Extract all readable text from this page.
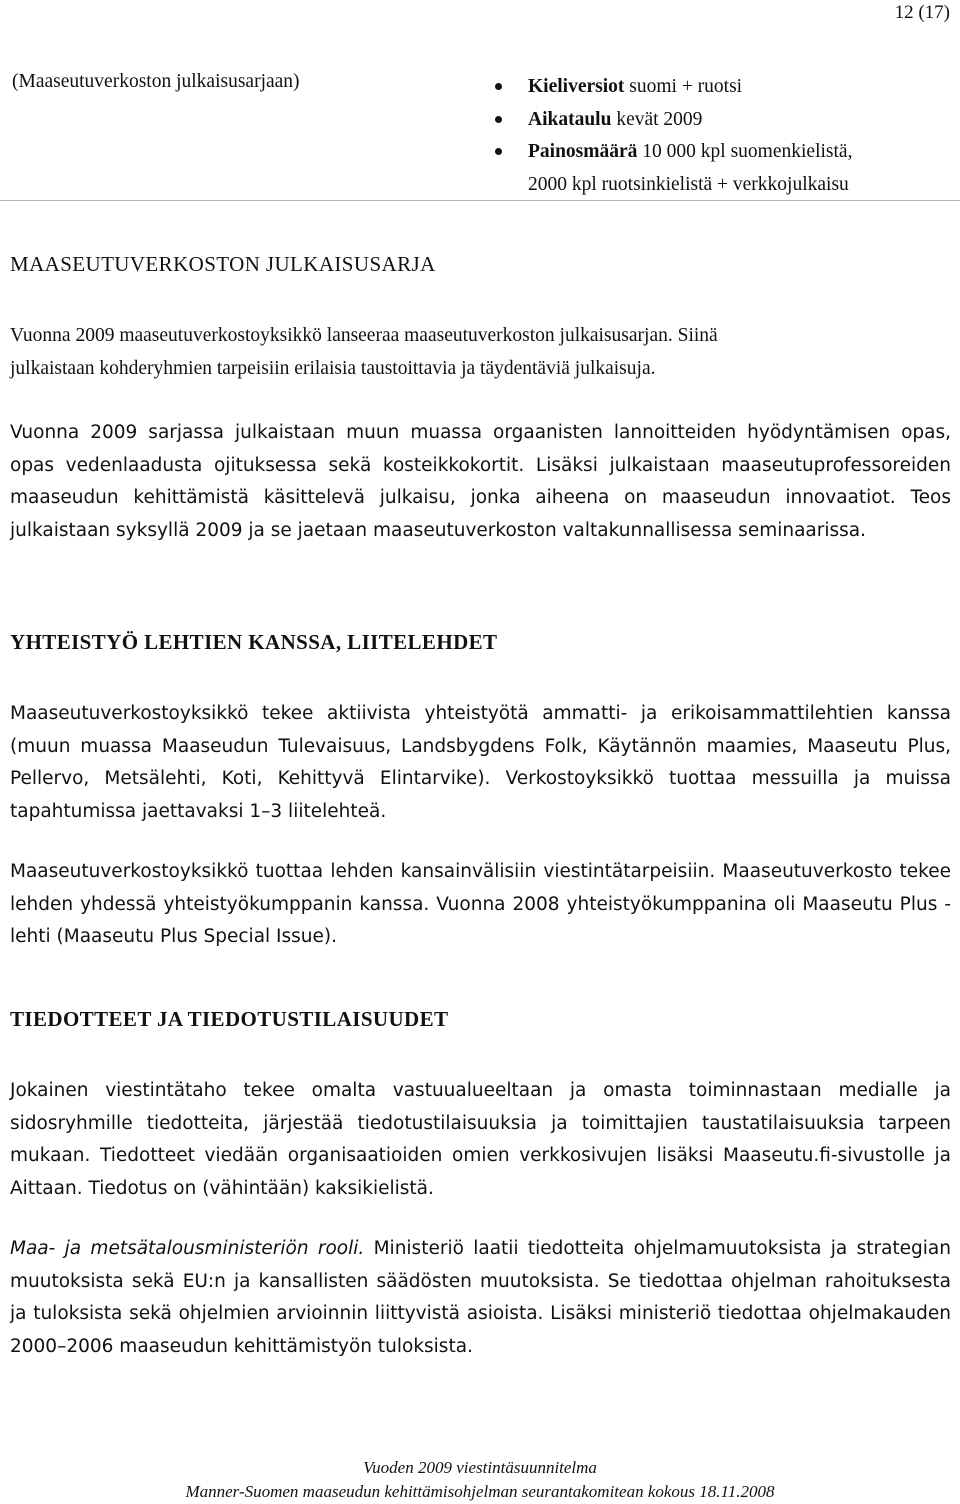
12 (17)
(Maaseutuverkoston julkaisusarjaan)	Kieliversiot suomi + ruotsi
Aikataulu kevät 2009
Painosmäärä 10 000 kpl suomenkielistä,
2000 kpl ruotsinkielistä + verkkojulkaisu
MAASEUTUVERKOSTON JULKAISUSARJA
Vuonna 2009 maaseutuverkostoyksikkö lanseeraa maaseutuverkoston julkaisusarjan. Siinä
julkaistaan kohderyhmien tarpeisiin erilaisia taustoittavia ja täydentäviä julkaisuja.

Vuonna 2009 sarjassa julkaistaan muun muassa orgaanisten lannoitteiden hyödyntämisen opas, opas vedenlaadusta ojituksessa sekä kosteikkokortit. Lisäksi julkaistaan maaseutuprofessoreiden maaseudun kehittämistä käsittelevä julkaisu, jonka aiheena on maaseudun innovaatiot. Teos julkaistaan syksyllä 2009 ja se jaetaan maaseutuverkoston valtakunnallisessa seminaarissa.

YHTEISTYÖ LEHTIEN KANSSA, LIITELEHDET

Maaseutuverkostoyksikkö tekee aktiivista yhteistyötä ammatti- ja erikoisammattilehtien kanssa (muun muassa Maaseudun Tulevaisuus, Landsbygdens Folk, Käytännön maamies, Maaseutu Plus, Pellervo, Metsälehti, Koti, Kehittyvä Elintarvike). Verkostoyksikkö tuottaa messuilla ja muissa tapahtumissa jaettavaksi 1–3 liitelehteä.

Maaseutuverkostoyksikkö tuottaa lehden kansainvälisiin viestintätarpeisiin. Maaseutuverkosto tekee lehden yhdessä yhteistyökumppanin kanssa. Vuonna 2008 yhteistyökumppanina oli Maaseutu Plus -lehti (Maaseutu Plus Special Issue).

TIEDOTTEET JA TIEDOTUSTILAISUUDET

Jokainen viestintätaho tekee omalta vastuualueeltaan ja omasta toiminnastaan medialle ja sidosryhmille tiedotteita, järjestää tiedotustilaisuuksia ja toimittajien taustatilaisuuksia tarpeen mukaan. Tiedotteet viedään organisaatioiden omien verkkosivujen lisäksi Maaseutu.fi-sivustolle ja Aittaan. Tiedotus on (vähintään) kaksikielistä.

Maa- ja metsätalousministeriön rooli. Ministeriö laatii tiedotteita ohjelmamuutoksista ja strategian muutoksista sekä EU:n ja kansallisten säädösten muutoksista. Se tiedottaa ohjelman rahoituksesta ja tuloksista sekä ohjelmien arvioinnin liittyvistä asioista. Lisäksi ministeriö tiedottaa ohjelmakauden 2000–2006 maaseudun kehittämistyön tuloksista.

Vuoden 2009 viestintäsuunnitelma
Manner-Suomen maaseudun kehittämisohjelman seurantakomitean kokous 18.11.2008
